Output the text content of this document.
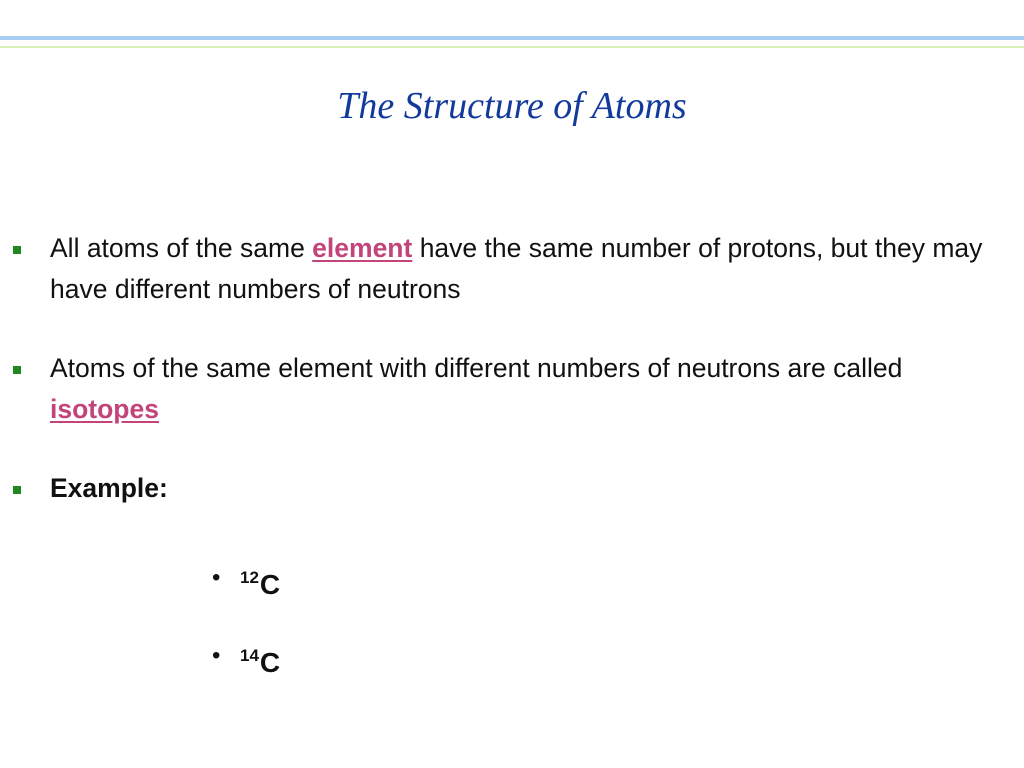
The Structure of Atoms
All atoms of the same element have the same number of protons, but they may have different numbers of neutrons
Atoms of the same element with different numbers of neutrons are called isotopes
Example:
• $^{12}$C
• $^{14}$C
